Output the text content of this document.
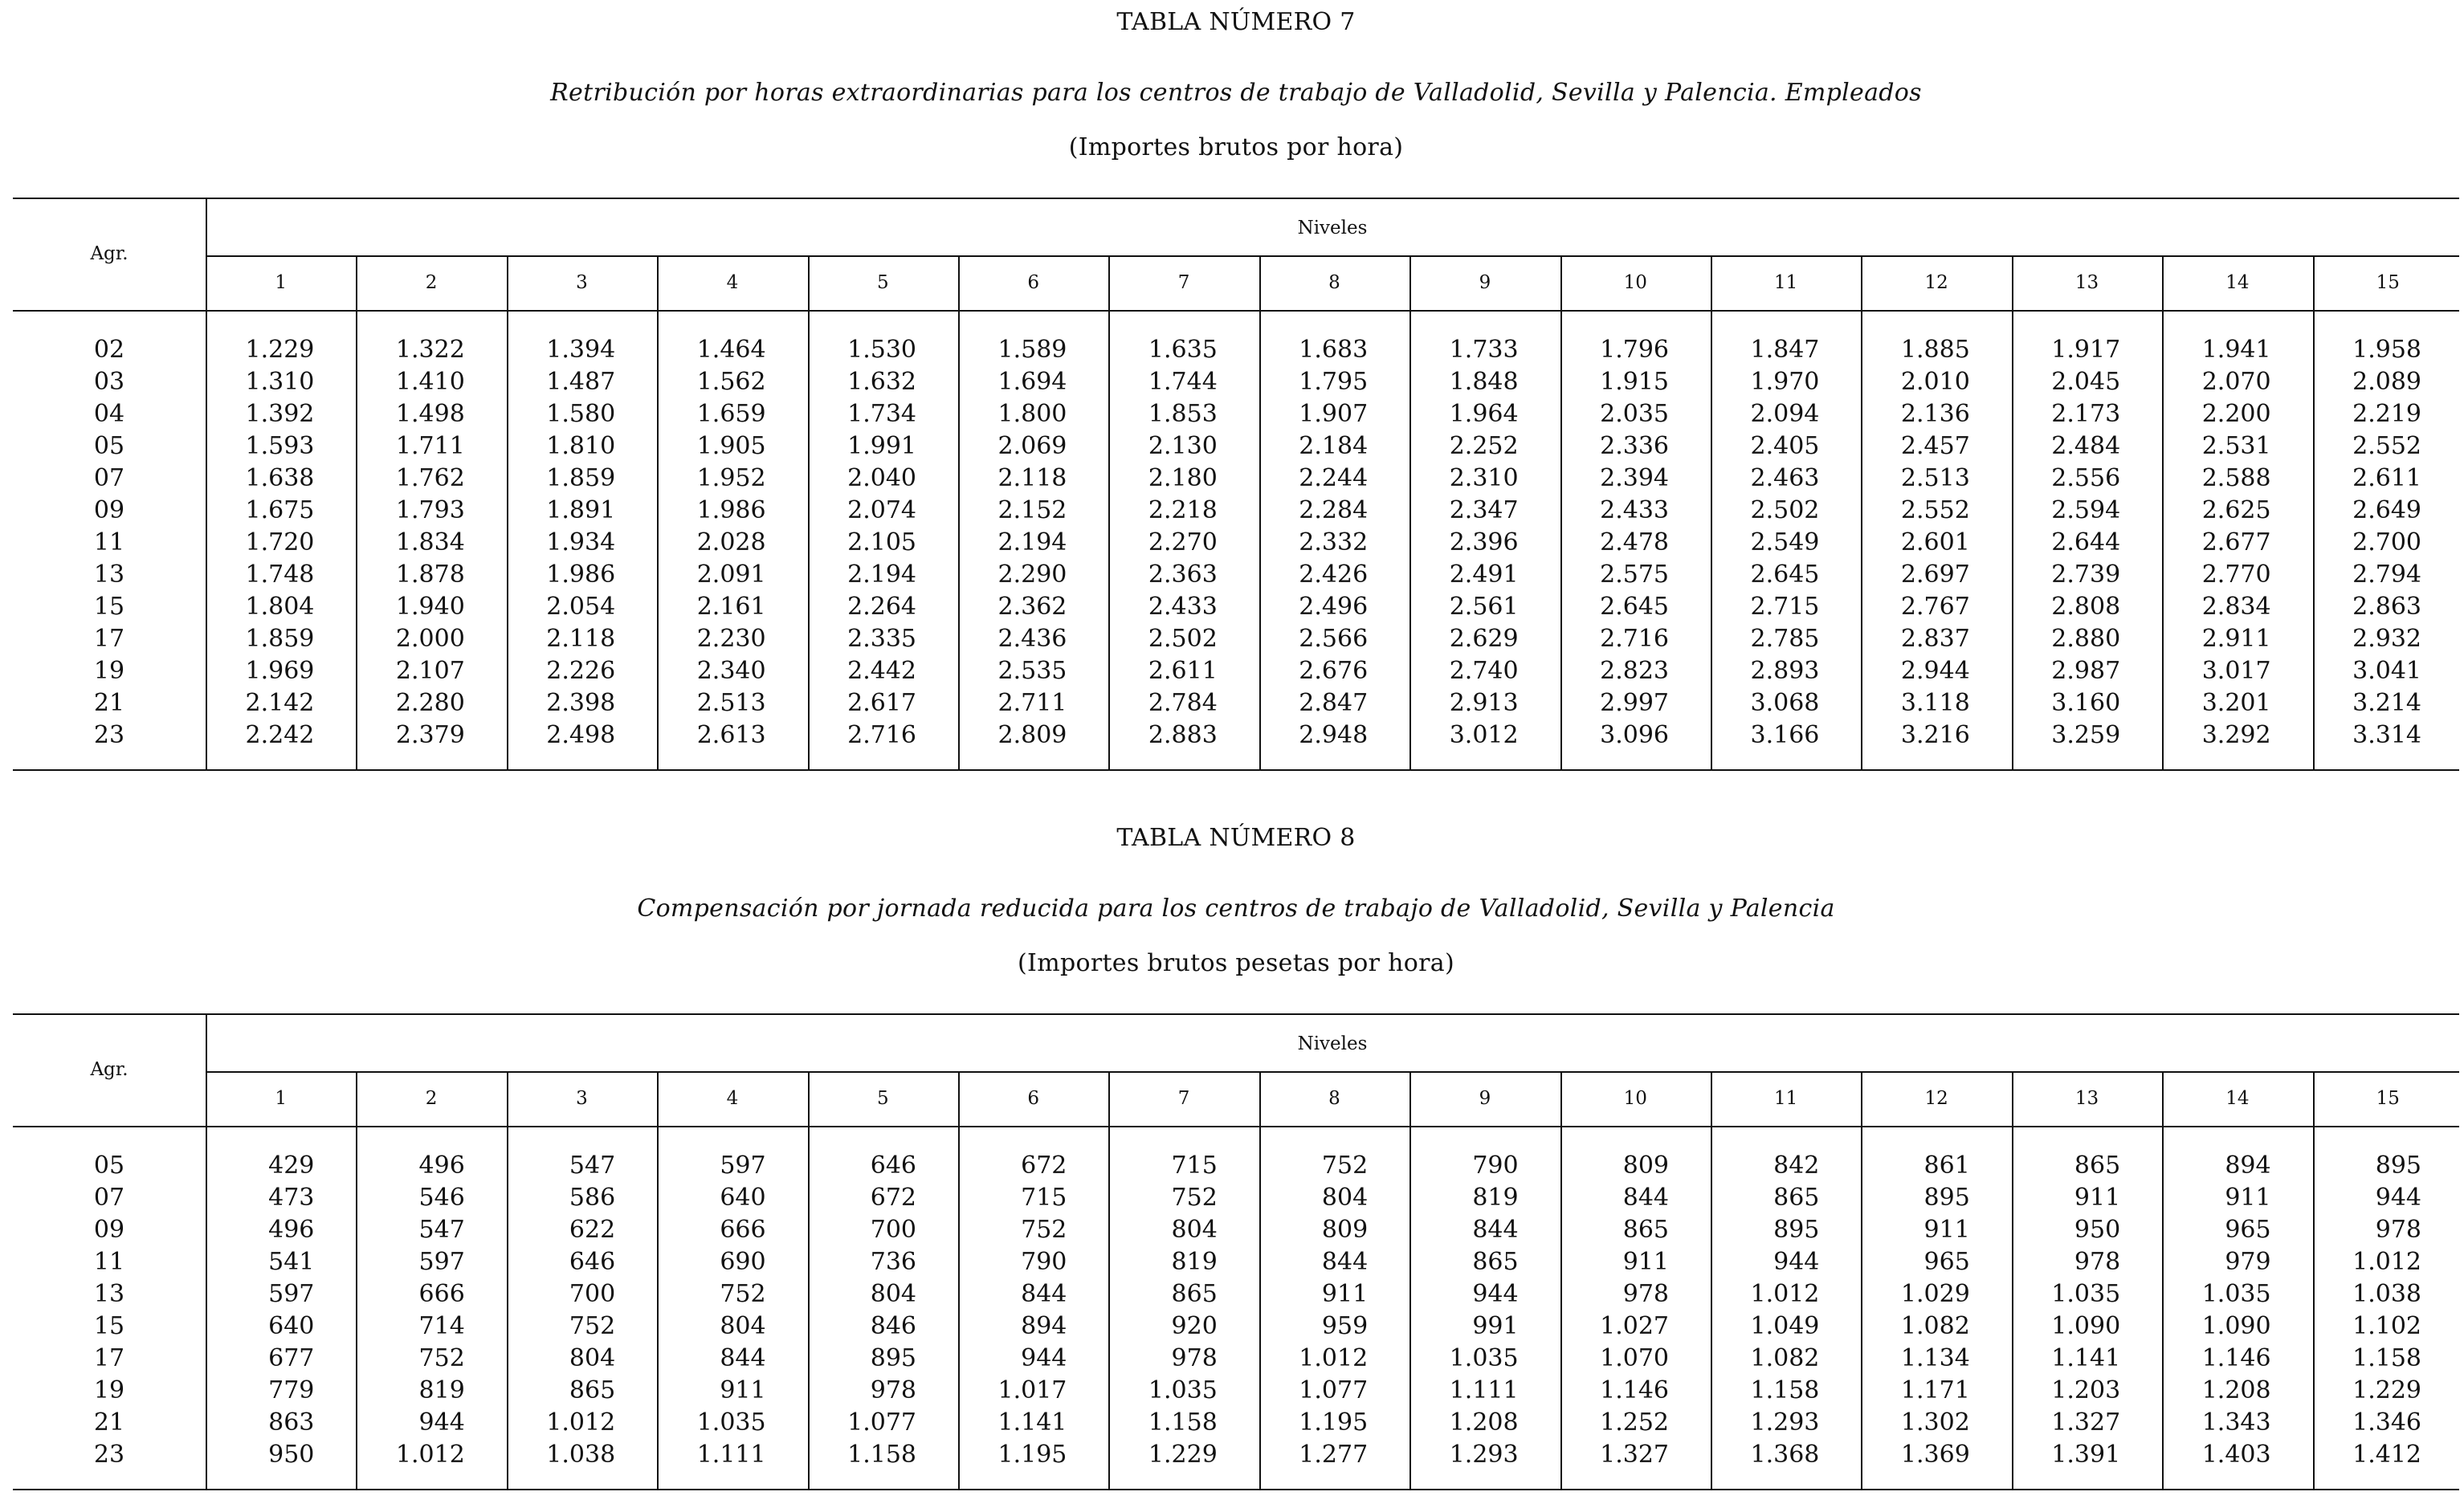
TABLA NÚMERO 7
Retribución por horas extraordinarias para los centros de trabajo de Valladolid, Sevilla y Palencia. Empleados
(Importes brutos por hora)
Agr.
Niveles
1	2	3	4	5	6	7	8	9	10	11	12	13	14	15
02	1.229	1.322	1.394	1.464	1.530	1.589	1.635	1.683	1.733	1.796	1.847	1.885	1.917	1.941	1.958
03	1.310	1.410	1.487	1.562	1.632	1.694	1.744	1.795	1.848	1.915	1.970	2.010	2.045	2.070	2.089
04	1.392	1.498	1.580	1.659	1.734	1.800	1.853	1.907	1.964	2.035	2.094	2.136	2.173	2.200	2.219
05	1.593	1.711	1.810	1.905	1.991	2.069	2.130	2.184	2.252	2.336	2.405	2.457	2.484	2.531	2.552
07	1.638	1.762	1.859	1.952	2.040	2.118	2.180	2.244	2.310	2.394	2.463	2.513	2.556	2.588	2.611
09	1.675	1.793	1.891	1.986	2.074	2.152	2.218	2.284	2.347	2.433	2.502	2.552	2.594	2.625	2.649
11	1.720	1.834	1.934	2.028	2.105	2.194	2.270	2.332	2.396	2.478	2.549	2.601	2.644	2.677	2.700
13	1.748	1.878	1.986	2.091	2.194	2.290	2.363	2.426	2.491	2.575	2.645	2.697	2.739	2.770	2.794
15	1.804	1.940	2.054	2.161	2.264	2.362	2.433	2.496	2.561	2.645	2.715	2.767	2.808	2.834	2.863
17	1.859	2.000	2.118	2.230	2.335	2.436	2.502	2.566	2.629	2.716	2.785	2.837	2.880	2.911	2.932
19	1.969	2.107	2.226	2.340	2.442	2.535	2.611	2.676	2.740	2.823	2.893	2.944	2.987	3.017	3.041
21	2.142	2.280	2.398	2.513	2.617	2.711	2.784	2.847	2.913	2.997	3.068	3.118	3.160	3.201	3.214
23	2.242	2.379	2.498	2.613	2.716	2.809	2.883	2.948	3.012	3.096	3.166	3.216	3.259	3.292	3.314
TABLA NÚMERO 8
Compensación por jornada reducida para los centros de trabajo de Valladolid, Sevilla y Palencia
(Importes brutos pesetas por hora)
Agr.
Niveles
1	2	3	4	5	6	7	8	9	10	11	12	13	14	15
05	429	496	547	597	646	672	715	752	790	809	842	861	865	894	895
07	473	546	586	640	672	715	752	804	819	844	865	895	911	911	944
09	496	547	622	666	700	752	804	809	844	865	895	911	950	965	978
11	541	597	646	690	736	790	819	844	865	911	944	965	978	979	1.012
13	597	666	700	752	804	844	865	911	944	978	1.012	1.029	1.035	1.035	1.038
15	640	714	752	804	846	894	920	959	991	1.027	1.049	1.082	1.090	1.090	1.102
17	677	752	804	844	895	944	978	1.012	1.035	1.070	1.082	1.134	1.141	1.146	1.158
19	779	819	865	911	978	1.017	1.035	1.077	1.111	1.146	1.158	1.171	1.203	1.208	1.229
21	863	944	1.012	1.035	1.077	1.141	1.158	1.195	1.208	1.252	1.293	1.302	1.327	1.343	1.346
23	950	1.012	1.038	1.111	1.158	1.195	1.229	1.277	1.293	1.327	1.368	1.369	1.391	1.403	1.412
